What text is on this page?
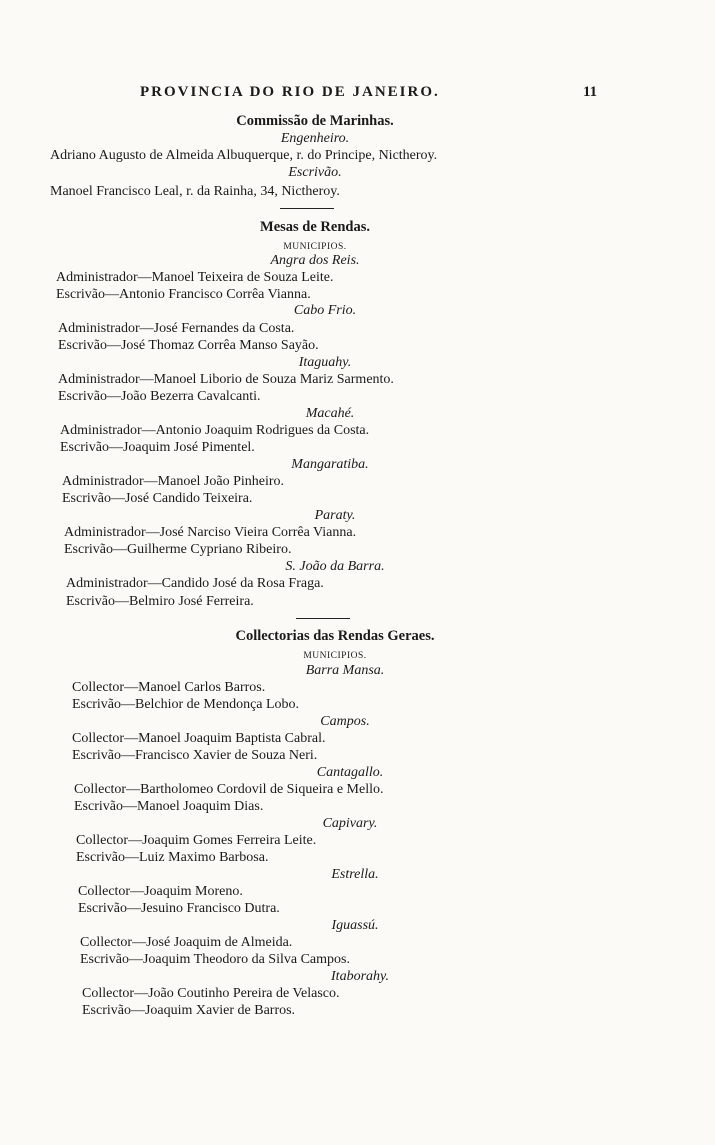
PROVINCIA DO RIO DE JANEIRO.	11
Commissão de Marinhas.
Engenheiro.
Adriano Augusto de Almeida Albuquerque, r. do Principe, Nictheroy.
Escrivão.
Manoel Francisco Leal, r. da Rainha, 34, Nictheroy.
Mesas de Rendas.
MUNICIPIOS.
Angra dos Reis.
Administrador—Manoel Teixeira de Souza Leite.
Escrivão—Antonio Francisco Corrêa Vianna.
Cabo Frio.
Administrador—José Fernandes da Costa.
Escrivão—José Thomaz Corrêa Manso Sayão.
Itaguahy.
Administrador—Manoel Liborio de Souza Mariz Sarmento.
Escrivão—João Bezerra Cavalcanti.
Macahé.
Administrador—Antonio Joaquim Rodrigues da Costa.
Escrivão—Joaquim José Pimentel.
Mangaratiba.
Administrador—Manoel João Pinheiro.
Escrivão—José Candido Teixeira.
Paraty.
Administrador—José Narciso Vieira Corrêa Vianna.
Escrivão—Guilherme Cypriano Ribeiro.
S. João da Barra.
Administrador—Candido José da Rosa Fraga.
Escrivão—Belmiro José Ferreira.
Collectorias das Rendas Geraes.
MUNICIPIOS.
Barra Mansa.
Collector—Manoel Carlos Barros.
Escrivão—Belchior de Mendonça Lobo.
Campos.
Collector—Manoel Joaquim Baptista Cabral.
Escrivão—Francisco Xavier de Souza Neri.
Cantagallo.
Collector—Bartholomeo Cordovil de Siqueira e Mello.
Escrivão—Manoel Joaquim Dias.
Capivary.
Collector—Joaquim Gomes Ferreira Leite.
Escrivão—Luiz Maximo Barbosa.
Estrella.
Collector—Joaquim Moreno.
Escrivão—Jesuino Francisco Dutra.
Iguassú.
Collector—José Joaquim de Almeida.
Escrivão—Joaquim Theodoro da Silva Campos.
Itaborahy.
Collector—João Coutinho Pereira de Velasco.
Escrivão—Joaquim Xavier de Barros.
